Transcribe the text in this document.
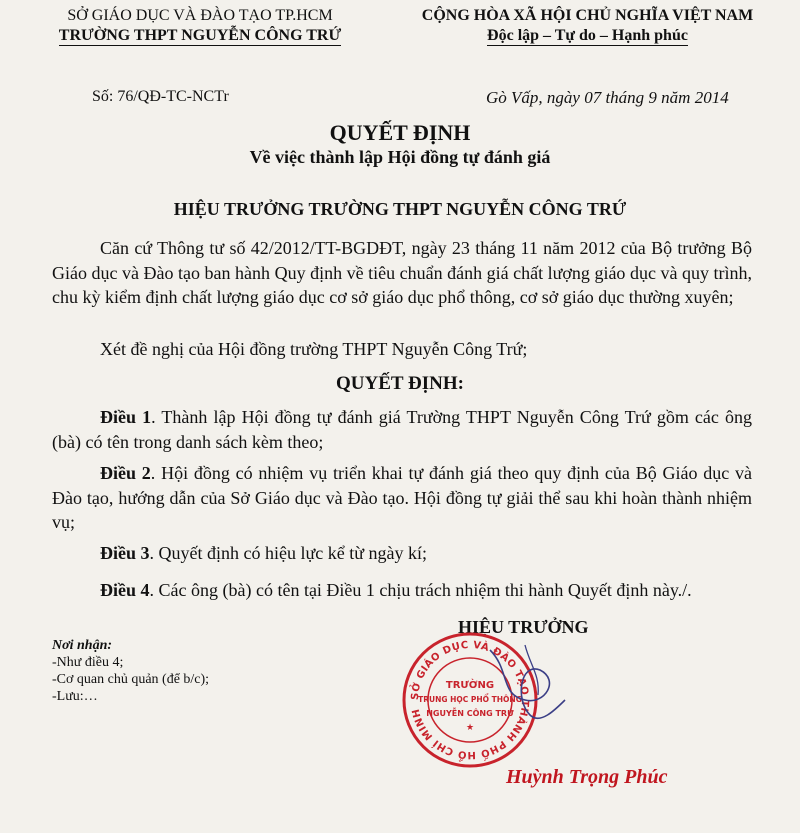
SỞ GIÁO DỤC VÀ ĐÀO TẠO TP.HCM
TRƯỜNG THPT NGUYỄN CÔNG TRỨ
CỘNG HÒA XÃ HỘI CHỦ NGHĨA VIỆT NAM
Độc lập – Tự do – Hạnh phúc
Số: 76/QĐ-TC-NCTr	Gò Vấp, ngày 07 tháng 9 năm 2014
QUYẾT ĐỊNH
Về việc thành lập Hội đồng tự đánh giá
HIỆU TRƯỞNG TRƯỜNG THPT NGUYỄN CÔNG TRỨ
Căn cứ Thông tư số 42/2012/TT-BGDĐT, ngày 23 tháng 11 năm 2012 của Bộ trưởng Bộ Giáo dục và Đào tạo ban hành Quy định về tiêu chuẩn đánh giá chất lượng giáo dục và quy trình, chu kỳ kiểm định chất lượng giáo dục cơ sở giáo dục phổ thông, cơ sở giáo dục thường xuyên;
Xét đề nghị của Hội đồng trường THPT Nguyễn Công Trứ;
QUYẾT ĐỊNH:
Điều 1. Thành lập Hội đồng tự đánh giá Trường THPT Nguyễn Công Trứ gồm các ông (bà) có tên trong danh sách kèm theo;
Điều 2. Hội đồng có nhiệm vụ triển khai tự đánh giá theo quy định của Bộ Giáo dục và Đào tạo, hướng dẫn của Sở Giáo dục và Đào tạo. Hội đồng tự giải thể sau khi hoàn thành nhiệm vụ;
Điều 3. Quyết định có hiệu lực kể từ ngày kí;
Điều 4. Các ông (bà) có tên tại Điều 1 chịu trách nhiệm thi hành Quyết định này./.
HIỆU TRƯỞNG
Nơi nhận:
-Như điều 4;
-Cơ quan chủ quản (để b/c);
-Lưu:…	SỞ GIÁO DỤC VÀ ĐÀO TẠO THÀNH PHỐ HỒ CHÍ MINH
TRƯỜNG
TRUNG HỌC PHỔ THÔNG
NGUYỄN CÔNG TRỨ
★
Huỳnh Trọng Phúc
